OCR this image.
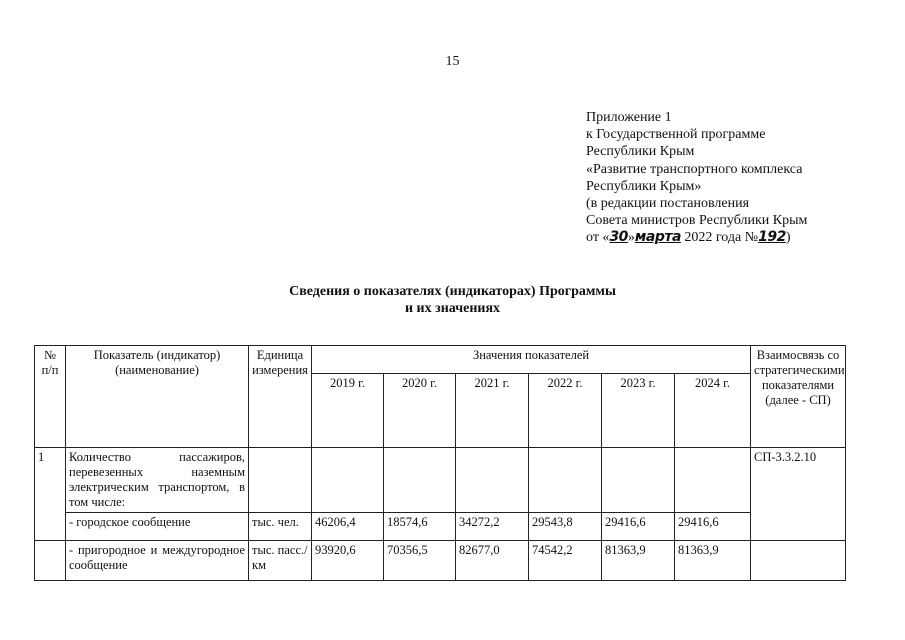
15
Приложение 1
к Государственной программе
Республики Крым
«Развитие транспортного комплекса
Республики Крым»
(в редакции постановления
Совета министров Республики Крым
от «30»марта 2022 года №192)
Сведения о показателях (индикаторах) Программы
и их значениях
№ п/п	Показатель (индикатор) (наименование)	Единица измерения	Значения показателей						Взаимосвязь со стратегическими показателями (далее - СП)
			2019 г.	2020 г.	2021 г.	2022 г.	2023 г.	2024 г.	
1	Количество пассажиров, перевезенных наземным электрическим транспортом, в том числе:								СП-3.3.2.10
	- городское сообщение	тыс. чел.	46206,4	18574,6	34272,2	29543,8	29416,6	29416,6	
	- пригородное и междугородное сообщение	тыс. пасс./км	93920,6	70356,5	82677,0	74542,2	81363,9	81363,9	
